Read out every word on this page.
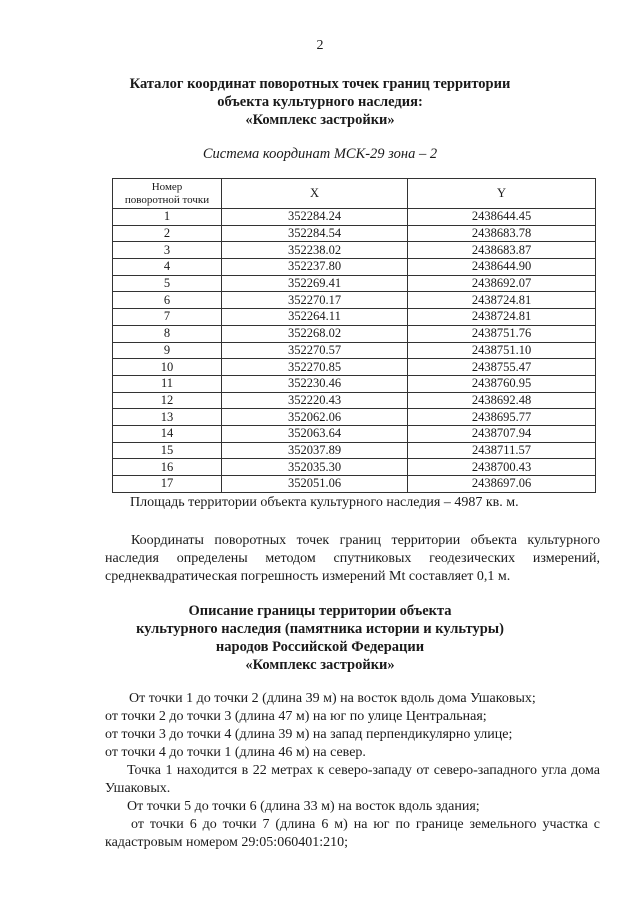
2
Каталог координат поворотных точек границ территории
объекта культурного наследия:
«Комплекс застройки»
Система координат МСК-29 зона – 2
Номер
поворотной точки	X	Y
1	352284.24	2438644.45
2	352284.54	2438683.78
3	352238.02	2438683.87
4	352237.80	2438644.90
5	352269.41	2438692.07
6	352270.17	2438724.81
7	352264.11	2438724.81
8	352268.02	2438751.76
9	352270.57	2438751.10
10	352270.85	2438755.47
11	352230.46	2438760.95
12	352220.43	2438692.48
13	352062.06	2438695.77
14	352063.64	2438707.94
15	352037.89	2438711.57
16	352035.30	2438700.43
17	352051.06	2438697.06
Площадь территории объекта культурного наследия – 4987 кв. м.
Координаты поворотных точек границ территории объекта культурного наследия определены методом спутниковых геодезических измерений, среднеквадратическая погрешность измерений Mt составляет 0,1 м.
Описание границы территории объекта
культурного наследия (памятника истории и культуры)
народов Российской Федерации
«Комплекс застройки»
От точки 1 до точки 2 (длина 39 м) на восток вдоль дома Ушаковых;
от точки 2 до точки 3 (длина 47 м) на юг по улице Центральная;
от точки 3 до точки 4 (длина 39 м) на запад перпендикулярно улице;
от точки 4 до точки 1 (длина 46 м) на север.
Точка 1 находится в 22 метрах к северо-западу от северо-западного угла дома Ушаковых.
От точки 5 до точки 6 (длина 33 м) на восток вдоль здания;
от точки 6 до точки 7 (длина 6 м) на юг по границе земельного участка с кадастровым номером 29:05:060401:210;
